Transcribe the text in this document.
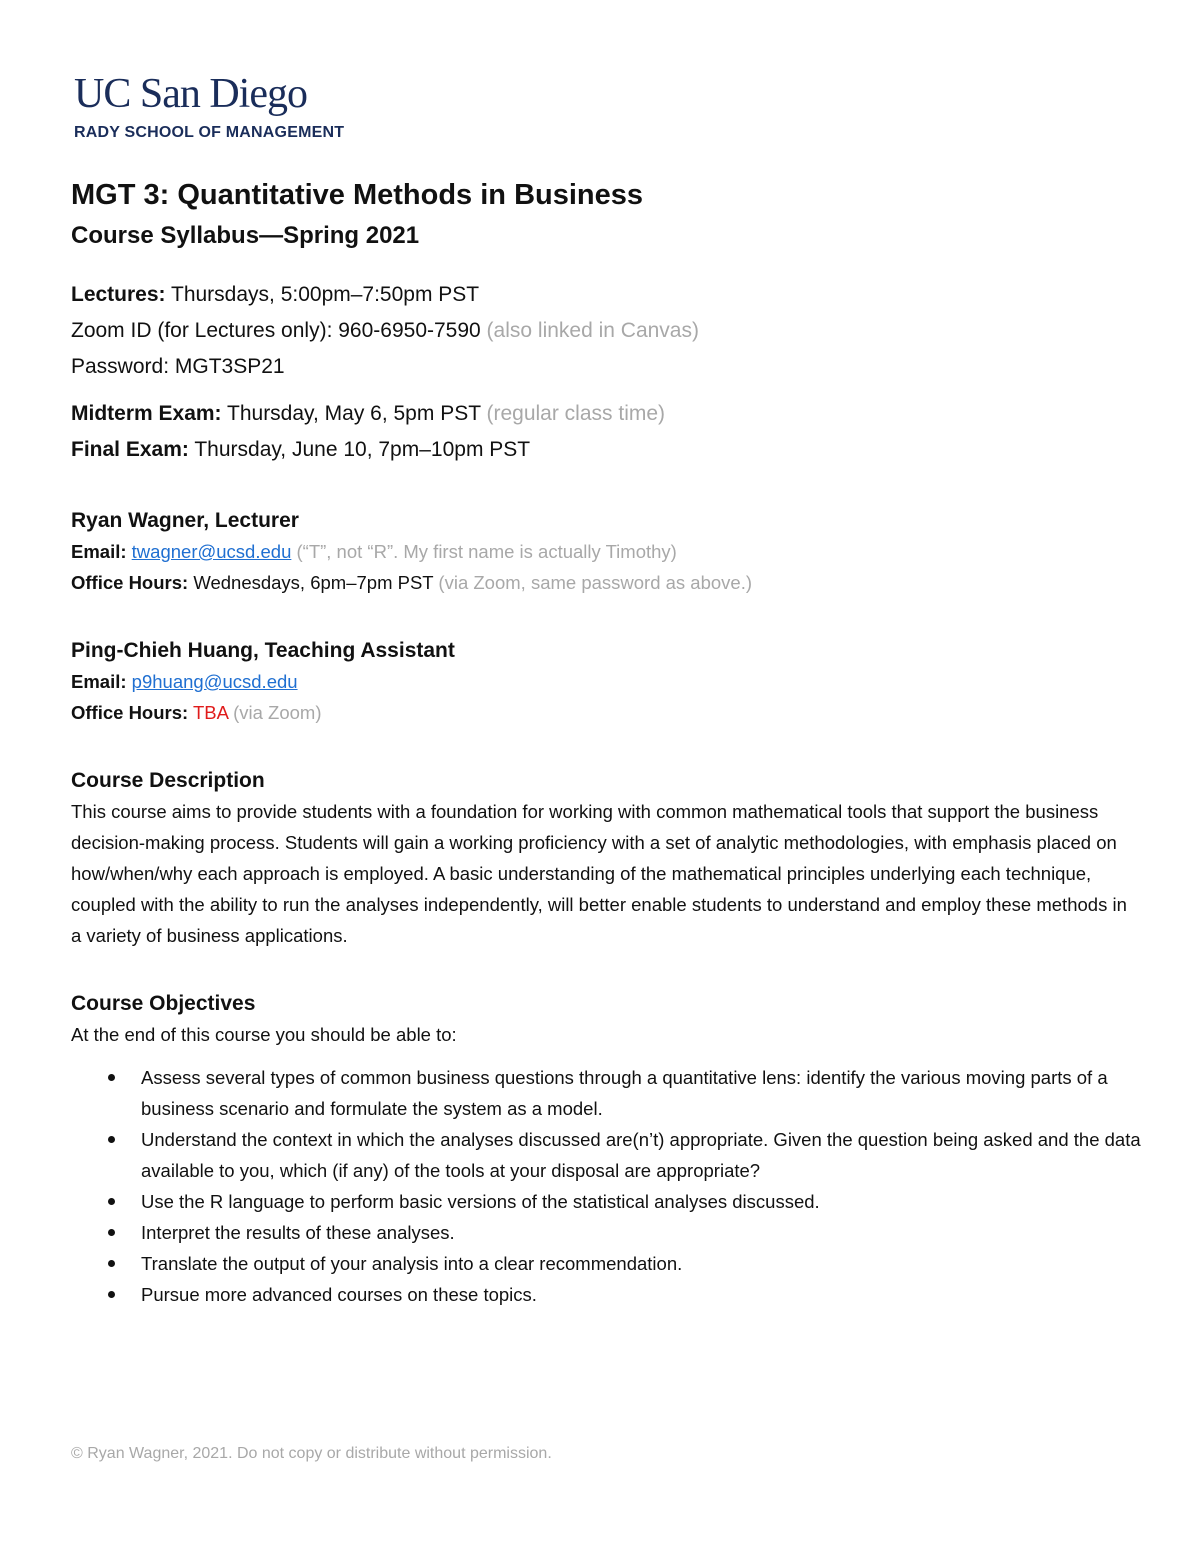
UC San Diego
RADY SCHOOL OF MANAGEMENT
MGT 3: Quantitative Methods in Business
Course Syllabus—Spring 2021
Lectures: Thursdays, 5:00pm–7:50pm PST
Zoom ID (for Lectures only): 960-6950-7590 (also linked in Canvas)
Password: MGT3SP21
Midterm Exam: Thursday, May 6, 5pm PST (regular class time)
Final Exam: Thursday, June 10, 7pm–10pm PST
Ryan Wagner, Lecturer
Email: twagner@ucsd.edu (“T”, not “R”. My first name is actually Timothy)
Office Hours: Wednesdays, 6pm–7pm PST (via Zoom, same password as above.)
Ping-Chieh Huang, Teaching Assistant
Email: p9huang@ucsd.edu
Office Hours: TBA (via Zoom)
Course Description

This course aims to provide students with a foundation for working with common mathematical tools that support the business decision-making process. Students will gain a working proficiency with a set of analytic methodologies, with emphasis placed on how/when/why each approach is employed. A basic understanding of the mathematical principles underlying each technique, coupled with the ability to run the analyses independently, will better enable students to understand and employ these methods in a variety of business applications.

Course Objectives

At the end of this course you should be able to:

Assess several types of common business questions through a quantitative lens: identify the various moving parts of a business scenario and formulate the system as a model.
Understand the context in which the analyses discussed are(n’t) appropriate. Given the question being asked and the data available to you, which (if any) of the tools at your disposal are appropriate?
Use the R language to perform basic versions of the statistical analyses discussed.
Interpret the results of these analyses.
Translate the output of your analysis into a clear recommendation.
Pursue more advanced courses on these topics.
© Ryan Wagner, 2021. Do not copy or distribute without permission.
